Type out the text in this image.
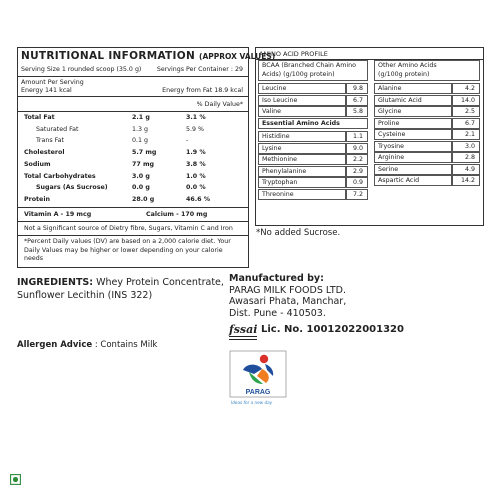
NUTRITIONAL INFORMATION (APPROX VALUES)
Serving Size 1 rounded scoop (35.0 g) Servings Per Container : 29
Amount Per Serving
Energy 141 kcal	Energy from Fat 18.9 kcal
% Daily Value*
Total Fat	2.1 g	3.1 %
Saturated Fat	1.3 g	5.9 %
Trans Fat	0.1 g	-
Cholesterol	5.7 mg	1.9 %
Sodium	77 mg	3.8 %
Total Carbohydrates	3.0 g	1.0 %
Sugars (As Sucrose)	0.0 g	0.0 %
Protein	28.0 g	46.6 %
Vitamin A - 19 mcg	Calcium - 170 mg
Not a Significant source of Dietry fibre, Sugars, Vitamin C and Iron
*Percent Daily values (DV) are based on a 2,000 calorie diet. Your
Daily Values may be higher or lower depending on your calorie
needs
AMINO ACID PROFILE
BCAA (Branched Chain Amino
Acids) (g/100g protein)
Other Amino Acids
(g/100g protein)
Leucine	9.8
Iso Leucine	6.7
Valine	5.8
Essential Amino Acids
Histidine	1.1
Lysine	9.0
Methionine	2.2
Phenylalanine	2.9
Tryptophan	0.9
Threonine	7.2
Alanine	4.2
Glutamic Acid	14.0
Glycine	2.5
Proline	6.7
Cysteine	2.1
Tryosine	3.0
Arginine	2.8
Serine	4.9
Aspartic Acid	14.2
*No added Sucrose.
INGREDIENTS: Whey Protein Concentrate,
Sunflower Lecithin (INS 322)
Allergen Advice : Contains Milk
Manufactured by:
PARAG MILK FOODS LTD.
Awasari Phata, Manchar,
Dist. Pune - 410503.
fssai Lic. No. 10012022001320
PARAG
Ideas for a new day
